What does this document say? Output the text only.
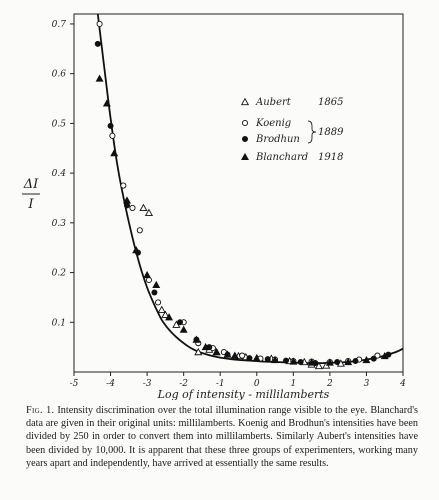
-5	-4	-3	-2	-1	0	1	2	3	4
0.1
0.2
0.3
0.4
0.5
0.6
0.7
Log of intensity - millilamberts
ΔI
I
Aubert	1865
Koenig
Brodhun
Blanchard 1918
1889
Fig. 1. Intensity discrimination over the total illumination range visible to the eye. Blanchard's data are given in their original units: millilamberts. Koenig and Brodhun's intensities have been divided by 250 in order to convert them into millilamberts. Similarly Aubert's intensities have been divided by 10,000. It is apparent that these three groups of experimenters, working many years apart and independently, have arrived at essentially the same results.
